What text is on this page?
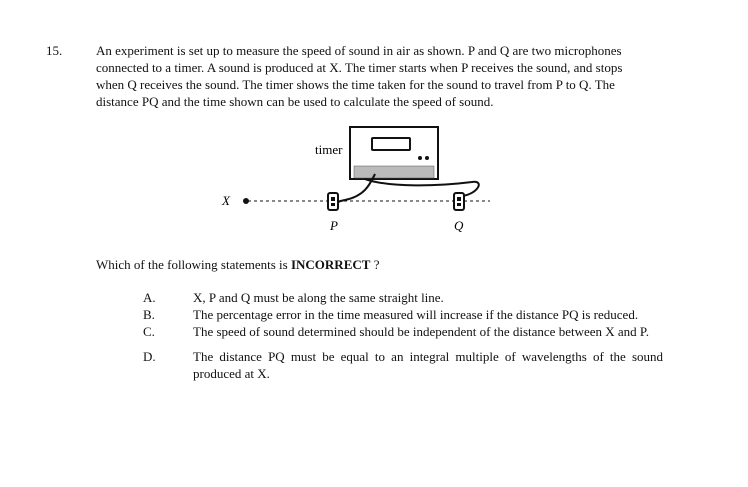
15.	An experiment is set up to measure the speed of sound in air as shown. P and Q are two microphones

connected to a timer. A sound is produced at X. The timer starts when P receives the sound, and stops

when Q receives the sound. The timer shows the time taken for the sound to travel from P to Q. The

distance PQ and the time shown can be used to calculate the speed of sound.

timer
X
P	Q
Which of the following statements is INCORRECT ?
A.	X, P and Q must be along the same straight line.
B.	The percentage error in the time measured will increase if the distance PQ is reduced.
C.	The speed of sound determined should be independent of the distance between X and P.
D.	The distance PQ must be equal to an integral multiple of wavelengths of the sound produced at X.
